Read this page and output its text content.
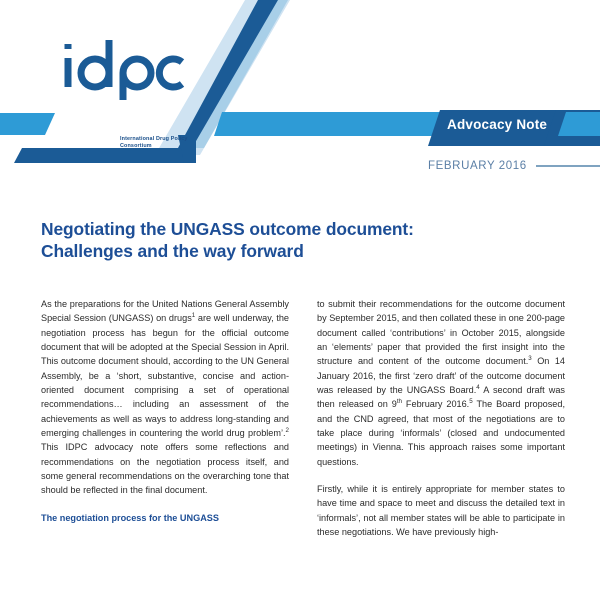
International Drug Policy Consortium
Advocacy Note
FEBRUARY 2016
Negotiating the UNGASS outcome document:
Challenges and the way forward

As the preparations for the United Nations General Assembly Special Session (UNGASS) on drugs$^1$ are well underway, the negotiation process has begun for the official outcome document that will be adopted at the Special Session in April. This outcome document should, according to the UN General Assembly, be a ‘short, substantive, concise and action-oriented document comprising a set of operational recommendations… including an assessment of the achievements as well as ways to address long-standing and emerging challenges in countering the world drug problem’.$^2$ This IDPC advocacy note offers some reflections and recommendations on the negotiation process itself, and some general recommendations on the overarching tone that should be reflected in the final document.

The negotiation process for the UNGASS

to submit their recommendations for the outcome document by September 2015, and then collated these in one 200-page document called ‘contributions’ in October 2015, alongside an ‘elements’ paper that provided the first insight into the structure and content of the outcome document.$^3$ On 14 January 2016, the first ‘zero draft’ of the outcome document was released by the UNGASS Board.$^4$ A second draft was then released on 9th February 2016.$^5$ The Board proposed, and the CND agreed, that most of the negotiations are to take place during ‘informals’ (closed and undocumented meetings) in Vienna. This approach raises some important questions.

Firstly, while it is entirely appropriate for member states to have time and space to meet and discuss the detailed text in ‘informals’, not all member states will be able to participate in these negotiations. We have previously high-
